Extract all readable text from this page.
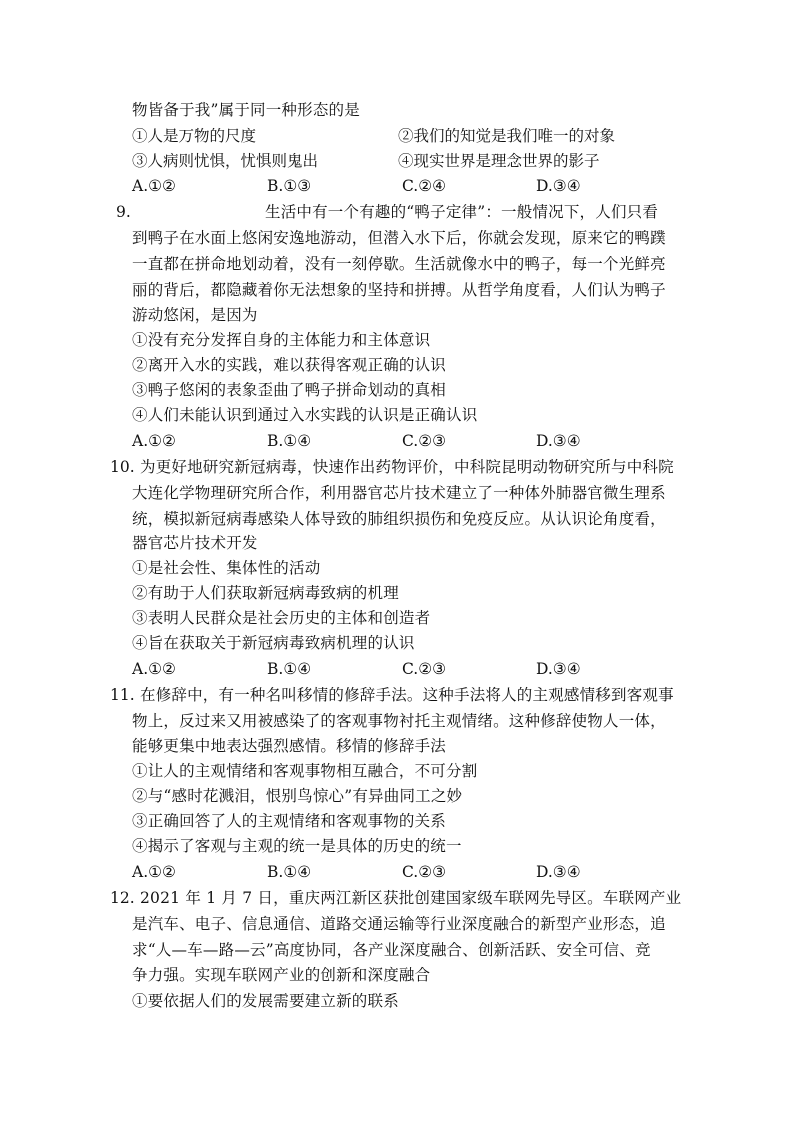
物皆备于我”属于同一种形态的是
①人是万物的尺度	②我们的知觉是我们唯一的对象
③人病则忧惧，忧惧则鬼出	④现实世界是理念世界的影子
A.①②	B.①③	C.②④	D.③④
9.	生活中有一个有趣的“鸭子定律”：一般情况下，人们只看
到鸭子在水面上悠闲安逸地游动，但潜入水下后，你就会发现，原来它的鸭蹼
一直都在拼命地划动着，没有一刻停歇。生活就像水中的鸭子，每一个光鲜亮
丽的背后，都隐藏着你无法想象的坚持和拼搏。从哲学角度看，人们认为鸭子
游动悠闲，是因为
①没有充分发挥自身的主体能力和主体意识
②离开入水的实践，难以获得客观正确的认识
③鸭子悠闲的表象歪曲了鸭子拼命划动的真相
④人们未能认识到通过入水实践的认识是正确认识
A.①②	B.①④	C.②③	D.③④
10. 为更好地研究新冠病毒，快速作出药物评价，中科院昆明动物研究所与中科院
大连化学物理研究所合作，利用器官芯片技术建立了一种体外肺器官微生理系
统，模拟新冠病毒感染人体导致的肺组织损伤和免疫反应。从认识论角度看，
器官芯片技术开发
①是社会性、集体性的活动
②有助于人们获取新冠病毒致病的机理
③表明人民群众是社会历史的主体和创造者
④旨在获取关于新冠病毒致病机理的认识
A.①②	B.①④	C.②③	D.③④
11. 在修辞中，有一种名叫移情的修辞手法。这种手法将人的主观感情移到客观事
物上，反过来又用被感染了的客观事物衬托主观情绪。这种修辞使物人一体，
能够更集中地表达强烈感情。移情的修辞手法
①让人的主观情绪和客观事物相互融合，不可分割
②与“感时花溅泪，恨别鸟惊心”有异曲同工之妙
③正确回答了人的主观情绪和客观事物的关系
④揭示了客观与主观的统一是具体的历史的统一
A.①②	B.①④	C.②③	D.③④
12. 2021 年 1 月 7 日，重庆两江新区获批创建国家级车联网先导区。车联网产业
是汽车、电子、信息通信、道路交通运输等行业深度融合的新型产业形态，追
求“人—车—路—云”高度协同，各产业深度融合、创新活跃、安全可信、竞
争力强。实现车联网产业的创新和深度融合
①要依据人们的发展需要建立新的联系
